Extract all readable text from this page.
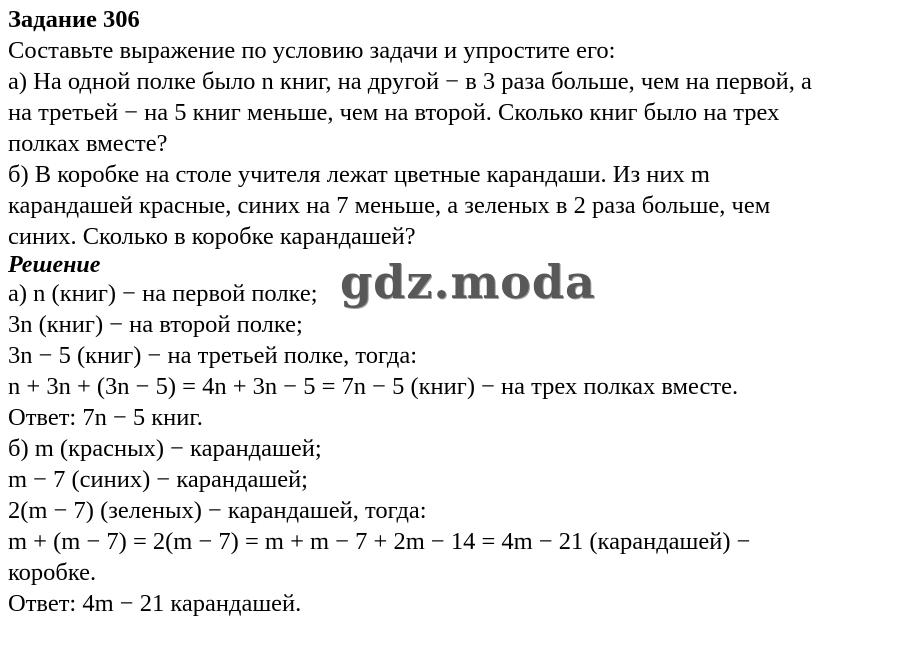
Задание 306
Составьте выражение по условию задачи и упростите его:
а) На одной полке было n книг, на другой − в 3 раза больше, чем на первой, а
на третьей − на 5 книг меньше, чем на второй. Сколько книг было на трех
полках вместе?
б) В коробке на столе учителя лежат цветные карандаши. Из них m
карандашей красные, синих на 7 меньше, а зеленых в 2 раза больше, чем
синих. Сколько в коробке карандашей?
Решение
а) n (книг) − на первой полке;
3n (книг) − на второй полке;
3n − 5 (книг) − на третьей полке, тогда:
n + 3n + (3n − 5) = 4n + 3n − 5 = 7n − 5 (книг) − на трех полках вместе.
Ответ: 7n − 5 книг.
б) m (красных) − карандашей;
m − 7 (синих) − карандашей;
2(m − 7) (зеленых) − карандашей, тогда:
m + (m − 7) = 2(m − 7) = m + m − 7 + 2m − 14 = 4m − 21 (карандашей) −
коробке.
Ответ: 4m − 21 карандашей.
gdz.moda
